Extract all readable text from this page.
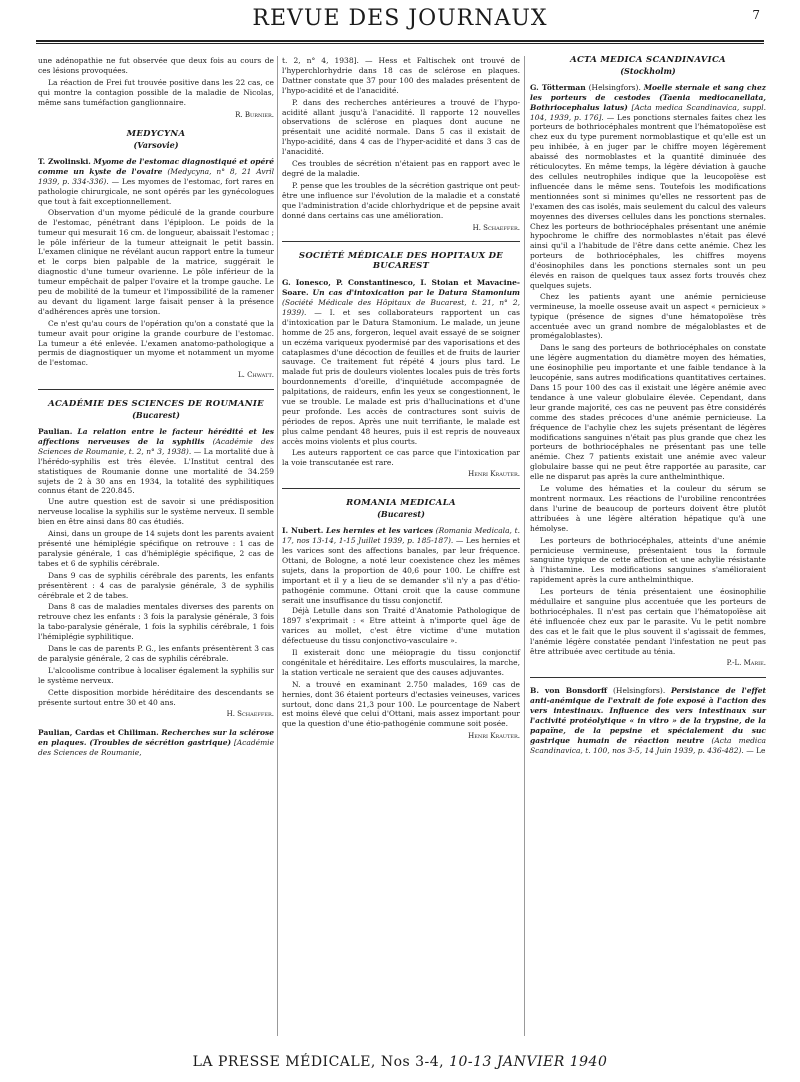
REVUE DES JOURNAUX	7

une adénopathie ne fut observée que deux fois au cours de ces lésions provoquées.

La réaction de Frei fut trouvée positive dans les 22 cas, ce qui montre la contagion possible de la maladie de Nicolas, même sans tuméfaction ganglionnaire.

R. Burnier.

MEDYCYNA
(Varsovie)

T. Zwolinski. Myome de l'estomac diagnostiqué et opéré comme un kyste de l'ovaire (Medycyna, n° 8, 21 Avril 1939, p. 334-336). — Les myomes de l'estomac, fort rares en pathologie chirurgicale, ne sont opérés par les gynécologues que tout à fait exceptionnellement.

Observation d'un myome pédiculé de la grande courbure de l'estomac, pénétrant dans l'épiploon. Le poids de la tumeur qui mesurait 16 cm. de longueur, abaissait l'estomac ; le pôle inférieur de la tumeur atteignait le petit bassin. L'examen clinique ne révélant aucun rapport entre la tumeur et le corps bien palpable de la matrice, suggérait le diagnostic d'une tumeur ovarienne. Le pôle inférieur de la tumeur empêchait de palper l'ovaire et la trompe gauche. Le peu de mobilité de la tumeur et l'impossibilité de la ramener au devant du ligament large faisait penser à la présence d'adhérences après une torsion.

Ce n'est qu'au cours de l'opération qu'on a constaté que la tumeur avait pour origine la grande courbure de l'estomac. La tumeur a été enlevée. L'examen anatomo-pathologique a permis de diagnostiquer un myome et notamment un myome de l'estomac.

L. Chwatt.

ACADÉMIE DES SCIENCES DE ROUMANIE
(Bucarest)

Paulian. La relation entre le facteur hérédité et les affections nerveuses de la syphilis (Académie des Sciences de Roumanie, t. 2, n° 3, 1938). — La mortalité due à l'hérédo-syphilis est très élevée. L'Institut central des statistiques de Roumanie donne une mortalité de 34.259 sujets de 2 à 30 ans en 1934, la totalité des syphilitiques connus étant de 220.845.

Une autre question est de savoir si une prédisposition nerveuse localise la syphilis sur le système nerveux. Il semble bien en être ainsi dans 80 cas étudiés.

Ainsi, dans un groupe de 14 sujets dont les parents avaient présenté une hémiplégie spécifique on retrouve : 1 cas de paralysie générale, 1 cas d'hémiplégie spécifique, 2 cas de tabes et 6 de syphilis cérébrale.

Dans 9 cas de syphilis cérébrale des parents, les enfants présentèrent : 4 cas de paralysie générale, 3 de syphilis cérébrale et 2 de tabes.

Dans 8 cas de maladies mentales diverses des parents on retrouve chez les enfants : 3 fois la paralysie générale, 3 fois la tabo-paralysie générale, 1 fois la syphilis cérébrale, 1 fois l'hémiplégie syphilitique.

Dans le cas de parents P. G., les enfants présentèrent 3 cas de paralysie générale, 2 cas de syphilis cérébrale.

L'alcoolisme contribue à localiser également la syphilis sur le système nerveux.

Cette disposition morbide héréditaire des descendants se présente surtout entre 30 et 40 ans.

H. Schaeffer.

Paulian, Cardas et Chiliman. Recherches sur la sclérose en plaques. (Troubles de sécrétion gastrique) [Académie des Sciences de Roumanie,

t. 2, n° 4, 1938]. — Hess et Faltischek ont trouvé de l'hyperchlorhydrie dans 18 cas de sclérose en plaques. Dattner constate que 37 pour 100 des malades présentent de l'hypo-acidité et de l'anacidité.

P. dans des recherches antérieures a trouvé de l'hypo-acidité allant jusqu'à l'anacidité. Il rapporte 12 nouvelles observations de sclérose en plaques dont aucune ne présentait une acidité normale. Dans 5 cas il existait de l'hypo-acidité, dans 4 cas de l'hyper-acidité et dans 3 cas de l'anacidité.

Ces troubles de sécrétion n'étaient pas en rapport avec le degré de la maladie.

P. pense que les troubles de la sécrétion gastrique ont peut-être une influence sur l'évolution de la maladie et a constaté que l'administration d'acide chlorhydrique et de pepsine avait donné dans certains cas une amélioration.

H. Schaeffer.

SOCIÉTÉ MÉDICALE DES HOPITAUX DE BUCAREST

G. Ionesco, P. Constantinesco, I. Stoian et Mavacine-Soare. Un cas d'intoxication par le Datura Stamonium (Société Médicale des Hôpitaux de Bucarest, t. 21, n° 2, 1939). — I. et ses collaborateurs rapportent un cas d'intoxication par le Datura Stamonium. Le malade, un jeune homme de 25 ans, forgeron, lequel avait essayé de se soigner un eczéma variqueux pyodermisé par des vaporisations et des cataplasmes d'une décoction de feuilles et de fruits de laurier sauvage. Ce traitement fut répété 4 jours plus tard. Le malade fut pris de douleurs violentes locales puis de très forts bourdonnements d'oreille, d'inquiétude accompagnée de palpitations, de raideurs, enfin les yeux se congestionnent, le vue se trouble. Le malade est pris d'hallucinations et d'une peur profonde. Les accès de contractures sont suivis de périodes de repos. Après une nuit terrifiante, le malade est plus calme pendant 48 heures, puis il est repris de nouveaux accès moins violents et plus courts.

Les auteurs rapportent ce cas parce que l'intoxication par la voie transcutanée est rare.

Henri Krauter.

ROMANIA MEDICALA
(Bucarest)

I. Nubert. Les hernies et les varices (Romania Medicala, t. 17, nos 13-14, 1-15 Juillet 1939, p. 185-187). — Les hernies et les varices sont des affections banales, par leur fréquence. Ottani, de Bologne, a noté leur coexistence chez les mêmes sujets, dans la proportion de 40,6 pour 100. Le chiffre est important et il y a lieu de se demander s'il n'y a pas d'étio-pathogénie commune. Ottani croit que la cause commune serait une insuffisance du tissu conjonctif.

Déjà Letulle dans son Traité d'Anatomie Pathologique de 1897 s'exprimait : « Etre atteint à n'importe quel âge de varices au mollet, c'est être victime d'une mutation défectueuse du tissu conjonctivo-vasculaire ».

Il existerait donc une méiopragie du tissu conjonctif congénitale et héréditaire. Les efforts musculaires, la marche, la station verticale ne seraient que des causes adjuvantes.

N. a trouvé en examinant 2.750 malades, 169 cas de hernies, dont 36 étaient porteurs d'ectasies veineuses, varices surtout, donc dans 21,3 pour 100. Le pourcentage de Nabert est moins élevé que celui d'Ottani, mais assez important pour que la question d'une étio-pathogénie commune soit posée.

Henri Krauter.

ACTA MEDICA SCANDINAVICA
(Stockholm)

G. Tötterman (Helsingfors). Moelle sternale et sang chez les porteurs de cestodes (Taenia mediocanellata, Bothriocephalus latus) [Acta medica Scandinavica, suppl. 104, 1939, p. 176]. — Les ponctions sternales faites chez les porteurs de bothriocéphales montrent que l'hématopoïèse est chez eux du type purement normoblastique et qu'elle est un peu inhibée, à en juger par le chiffre moyen légèrement abaissé des normoblastes et la quantité diminuée des réticulocytes. En même temps, la légère déviation à gauche des cellules neutrophiles indique que la leucopoïèse est influencée dans le même sens. Toutefois les modifications mentionnées sont si minimes qu'elles ne ressortent pas de l'examen des cas isolés, mais seulement du calcul des valeurs moyennes des diverses cellules dans les ponctions sternales. Chez les porteurs de bothriocéphales présentant une anémie hypochrome le chiffre des normoblastes n'était pas élevé ainsi qu'il a l'habitude de l'être dans cette anémie. Chez les porteurs de bothriocéphales, les chiffres moyens d'éosinophiles dans les ponctions sternales sont un peu élevés en raison de quelques taux assez forts trouvés chez quelques sujets.

Chez les patients ayant une anémie pernicieuse vermineuse, la moelle osseuse avait un aspect « pernicieux » typique (présence de signes d'une hématopoïèse très accentuée avec un grand nombre de mégaloblastes et de promégaloblastes).

Dans le sang des porteurs de bothriocéphales on constate une légère augmentation du diamètre moyen des hématies, une éosinophilie peu importante et une faible tendance à la leucopénie, sans autres modifications quantitatives certaines. Dans 15 pour 100 des cas il existait une légère anémie avec tendance à une valeur globulaire élevée. Cependant, dans leur grande majorité, ces cas ne peuvent pas être considérés comme des stades précoces d'une anémie pernicieuse. La fréquence de l'achylie chez les sujets présentant de légères modifications sanguines n'était pas plus grande que chez les porteurs de bothriocéphales ne présentant pas une telle anémie. Chez 7 patients existait une anémie avec valeur globulaire basse qui ne peut être rapportée au parasite, car elle ne disparut pas après la cure anthelminthique.

Le volume des hématies et la couleur du sérum se montrent normaux. Les réactions de l'urobiline rencontrées dans l'urine de beaucoup de porteurs doivent être plutôt attribuées à une légère altération hépatique qu'à une hémolyse.

Les porteurs de bothriocéphales, atteints d'une anémie pernicieuse vermineuse, présentaient tous la formule sanguine typique de cette affection et une achylie résistante à l'histamine. Les modifications sanguines s'amélioraient rapidement après la cure anthelminthique.

Les porteurs de ténia présentaient une éosinophilie médullaire et sanguine plus accentuée que les porteurs de bothriocéphales. Il n'est pas certain que l'hématopoïèse ait été influencée chez eux par le parasite. Vu le petit nombre des cas et le fait que le plus souvent il s'agissait de femmes, l'anémie légère constatée pendant l'infestation ne peut pas être attribuée avec certitude au ténia.

P.-L. Marie.

B. von Bonsdorff (Helsingfors). Persistance de l'effet anti-anémique de l'extrait de foie exposé à l'action des vers intestinaux. Influence des vers intestinaux sur l'activité protéolytique « in vitro » de la trypsine, de la papaïne, de la pepsine et spécialement du suc gastrique humain de réaction neutre (Acta medica Scandinavica, t. 100, nos 3-5, 14 Juin 1939, p. 436-482). — Le

LA PRESSE MÉDICALE, Nos 3-4, 10-13 JANVIER 1940
